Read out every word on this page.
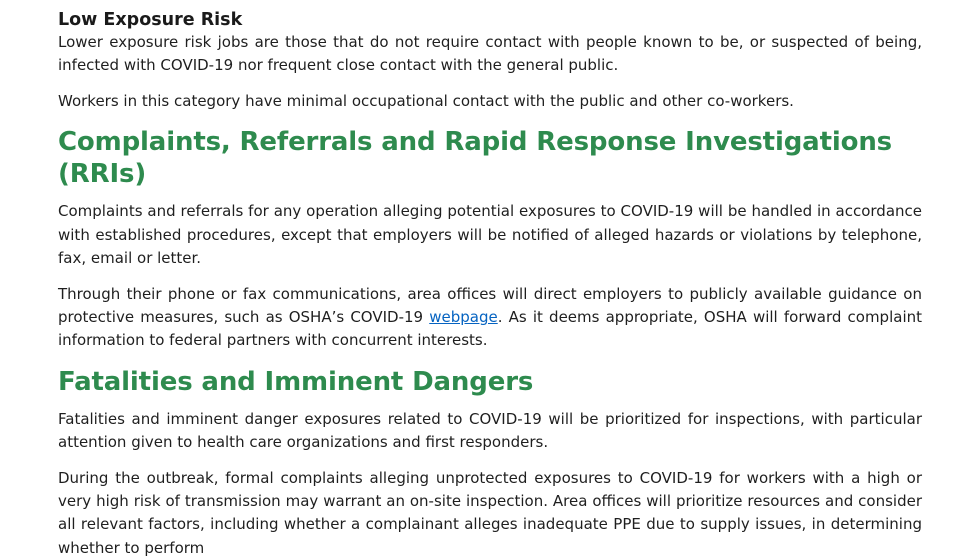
Low Exposure Risk

Lower exposure risk jobs are those that do not require contact with people known to be, or suspected of being, infected with COVID-19 nor frequent close contact with the general public.

Workers in this category have minimal occupational contact with the public and other co-workers.

Complaints, Referrals and Rapid Response Investigations (RRIs)

Complaints and referrals for any operation alleging potential exposures to COVID-19 will be handled in accordance with established procedures, except that employers will be notified of alleged hazards or violations by telephone, fax, email or letter.

Through their phone or fax communications, area offices will direct employers to publicly available guidance on protective measures, such as OSHA’s COVID-19 webpage. As it deems appropriate, OSHA will forward complaint information to federal partners with concurrent interests.

Fatalities and Imminent Dangers

Fatalities and imminent danger exposures related to COVID-19 will be prioritized for inspections, with particular attention given to health care organizations and first responders.

During the outbreak, formal complaints alleging unprotected exposures to COVID-19 for workers with a high or very high risk of transmission may warrant an on-site inspection. Area offices will prioritize resources and consider all relevant factors, including whether a complainant alleges inadequate PPE due to supply issues, in determining whether to perform
